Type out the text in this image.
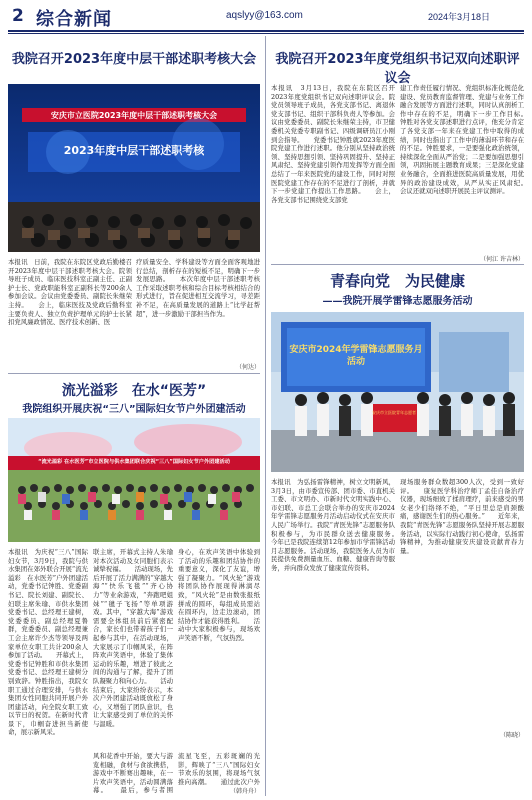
2 综合新闻	aqslyy@163.com	2024年3月18日
我院召开2023年度中层干部述职考核大会
安庆市立医院2023年度中层干部述职考核大会
2023年度中层干部述职考核
本报讯　日前，我院在东院区党政后勤楼召开2023年度中层干部述职考核大会。院领导班子成员、临床医技科室正副主任、正副护士长、党政职能科室正副科长等200余人参加会议。会议由党委委员、副院长朱继荣主持。　　会上，临床医技及党政后勤科室主要负责人、独立负责护理单元的护士长紧扣党风廉政情况、医疗技术创新、医
疗质量安全、学科建设等方面全面客观地进行总结，剖析存在的短板不足，明确下一步发展思路。　　本次年度中层干部述职考核工作采取述职考核和综合目标考核相结合的形式进行，旨在促进相互交流学习，寻差距补不足，在高质量发展的道路上“比学赶帮超”，进一步激励干部担当作为。
（何达）
流光溢彩　在水“医芳”
我院组织开展庆祝“三八”国际妇女节户外团建活动
“流光溢彩 在水医芳”市立医院与供水集团联合庆祝“三八”国际妇女节户外团建活动
本报讯　为庆祝“三八”国际妇女节，3月9日，我院与供水集团在郊外联合开展“流光溢彩　在水医芳”户外团建活动，党委书记钟胜、党委副书记、院长刘建、副院长、妇联主席朱瑜、市供水集团党委书记、总经理王建树，党委委员、副总经理夏鲁群，党委委员、副总经理兼工会主席许少杰等领导及两家单位女职工共计200余人参加了活动。　　开幕式上，党委书记钟胜和市供水集团党委书记、总经理王建树分别致辞。钟胜指出，我院女职工通过合理安排，与供水集团女性同胞共同开展户外团建活动，向全院女职工致以节日的祝贺。在新时代背景下，巾帼奋进担当新使命，展示新风采。
联主席，开幕式主持人朱瑜对本次活动及女同胞们表示诚挚祝福。　　活动现场，先后开展了活力满满的“穿越大海”“快乐飞毯”“齐心协力”等业余游戏，“奔跑吧姐妹”“毽子飞扬”等单项游戏。其中，“穿越大海”游戏需要全体组员前后紧密配合，家长们也带着孩子们一起参与其中，在活动现场，大家展示了巾帼风采，在阵阵欢声笑语中，体验了集体运动的乐趣，增进了彼此之间的沟通与了解，提升了团队凝聚力和向心力。　　活动结束后，大家纷纷表示，本次户外团建活动既放松了身心，又增强了团队意识，也让大家感受到了单位的关怀与温暖。
身心，在欢声笑语中体验到了活动的乐趣和团结协作的重要意义，深化了友谊，增强了凝聚力。“风火轮”游戏将团队协作展现得淋漓尽致，“风火轮”是由数张报纸拼成的圆环，每组成员需站在圆环内，边走边滚动，团结协作才能获得胜利。　　活动中大家积极参与，现场欢声笑语不断，气氛热烈。
风和花香中开始，要大与游览相融，食材与食欲携搭，游戏中不断赛出趣味，在一片欢声笑语中，活动圆满落幕。　　最后，参与者围
流星飞至，五彩斑斓的光影，辉映了“三八”国际妇女节欢乐的氛围，将现场气氛推向高潮。　　通过此次户外
（韩舟舟）
我院召开2023年度党组织书记双向述职评议会
本报讯　3月13日，我院在东院区召开2023年度党组织书记双向述职评议会。院党员领导班子成员，各党支部书记、离退休党支部书记、组织干部科负责人等参加。会议由党委委员、副院长朱继荣主持，市卫健委机关党委专职副书记、四级调研员江小刚到会指导。　　党委书记钟胜就2023年度医院党建工作进行述职。他分别从坚持政治统领、坚持思想引领、坚持巩固提升、坚持正风肃纪、坚持党建引领作用发挥等方面全面总结了一年来医院党的建设工作，同时对照医院党建工作存在的不足进行了剖析，并就下一步党建工作提出工作思路。　　会上，各党支部书记围绕党支部党
建工作责任履行情况、党组织标准化规范化建设、党员教育监督管理、党建与业务工作融合发展等方面进行述职，同时认真剖析工作中存在的不足，明确下一步工作目标。　　钟胜对各党支部述职进行点评，他充分肯定了各党支部一年来在党建工作中取得的成绩，同时也指出了工作中的薄弱环节和存在的不足。钟胜要求，一是要强化政治统领，持续深化全面从严治党；二是要加强思想引领，巩固拓展主题教育成果；三是深化党建业务融合，全面推进医院高质量发展，用优异的政治建设成效，从严从实正风肃纪。　　会议还就双向述职开展民主评议测评。
（何江 许吉林）
青春向党　为民健康
——我院开展学雷锋志愿服务活动
安庆市2024年学雷锋志愿服务月活动
安庆市立医院青年志愿者
本报讯　为弘扬雷锋精神，树立文明新风，3月3日，由市委宣传部、团市委、市直机关工委、市文明办、市新时代文明实践中心、市妇联、市总工会联合举办的安庆市2024年学雷锋志愿服务月活动启动仪式在安庆市人民广场举行。我院“青医先锋”志愿服务队积极参与，为市民群众送去健康服务。　　今年已是我院连续第12年参加市学雷锋活动月志愿服务。活动现场，我院医务人员为市民提供免费测量血压、血糖、健康咨询等服务，并向群众发放了健康宣传资料。
现场服务群众数超300人次，受到一致好评。　　康复医学科治疗师丁孟佳自备治疗仪器，现场细致了揉肩理疗，前来感受的男女老少们络绎不绝，“平日里总是肩颈酸痛，感谢医生们的热心服务。”　　近年来，我院“青医先锋”志愿服务队坚持开展志愿服务活动，以实际行动践行初心使命，弘扬雷锋精神，为推动健康安庆建设贡献青春力量。
（陈晓）
